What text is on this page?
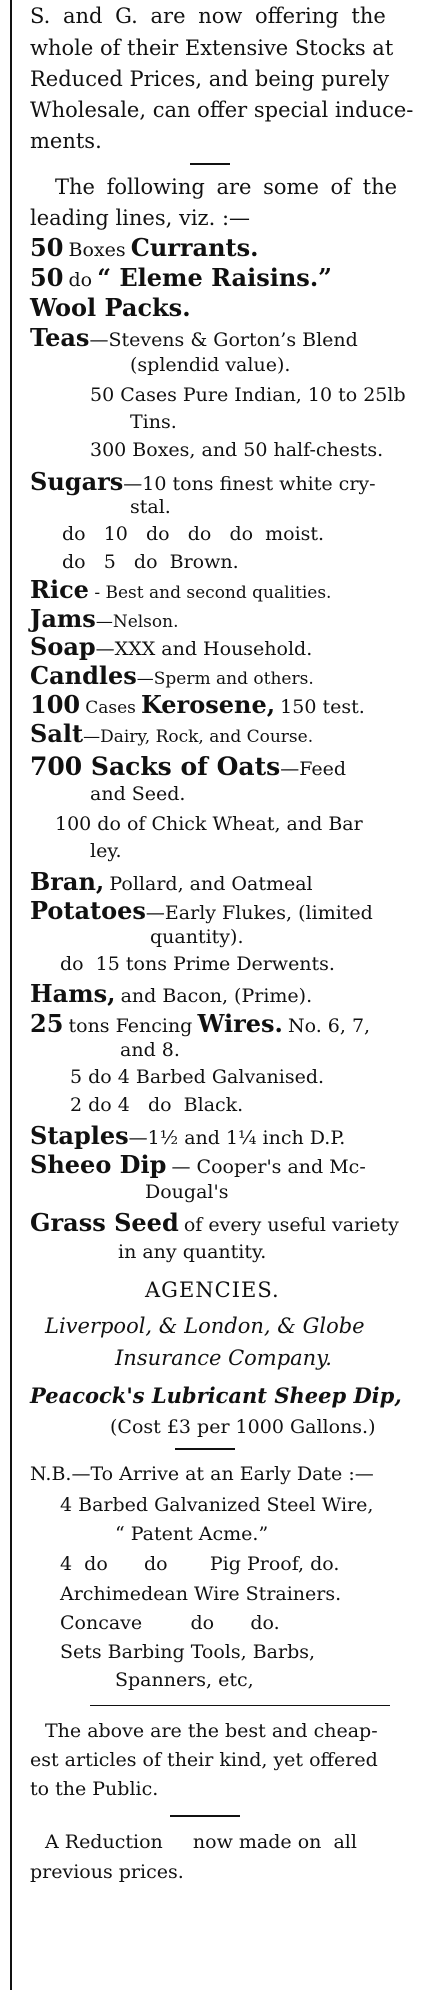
S. and G. are now offering the
whole of their Extensive Stocks at
Reduced Prices, and being purely
Wholesale, can offer special induce-
ments.
The following are some of the
leading lines, viz. :—
50 Boxes Currants.
50 do “ Eleme Raisins.”
Wool Packs.
Teas—Stevens & Gorton’s Blend
(splendid value).
50 Cases Pure Indian, 10 to 25lb
Tins.
300 Boxes, and 50 half-chests.
Sugars—10 tons finest white cry-
stal.
do   10   do   do   do  moist.
do   5   do  Brown.
Rice - Best and second qualities.
Jams—Nelson.
Soap—XXX and Household.
Candles—Sperm and others.
100 Cases Kerosene, 150 test.
Salt—Dairy, Rock, and Course.
700 Sacks of Oats—Feed
and Seed.
100 do of Chick Wheat, and Bar
ley.
Bran, Pollard, and Oatmeal
Potatoes—Early Flukes, (limited
quantity).
do  15 tons Prime Derwents.
Hams, and Bacon, (Prime).
25 tons Fencing Wires. No. 6, 7,
and 8.
5 do 4 Barbed Galvanised.
2 do 4   do  Black.
Staples—1½ and 1¼ inch D.P.
Sheeo Dip — Cooper's and Mc-
Dougal's
Grass Seed of every useful variety
in any quantity.
AGENCIES.
Liverpool, & London, & Globe
Insurance Company.
Peacock's Lubricant Sheep Dip,
(Cost £3 per 1000 Gallons.)
N.B.—To Arrive at an Early Date :—
4 Barbed Galvanized Steel Wire,
“ Patent Acme.”
4  do      do       Pig Proof, do.
Archimedean Wire Strainers.
Concave        do      do.
Sets Barbing Tools, Barbs,
Spanners, etc,
The above are the best and cheap-
est articles of their kind, yet offered
to the Public.
A Reduction     now made on  all
previous prices.
